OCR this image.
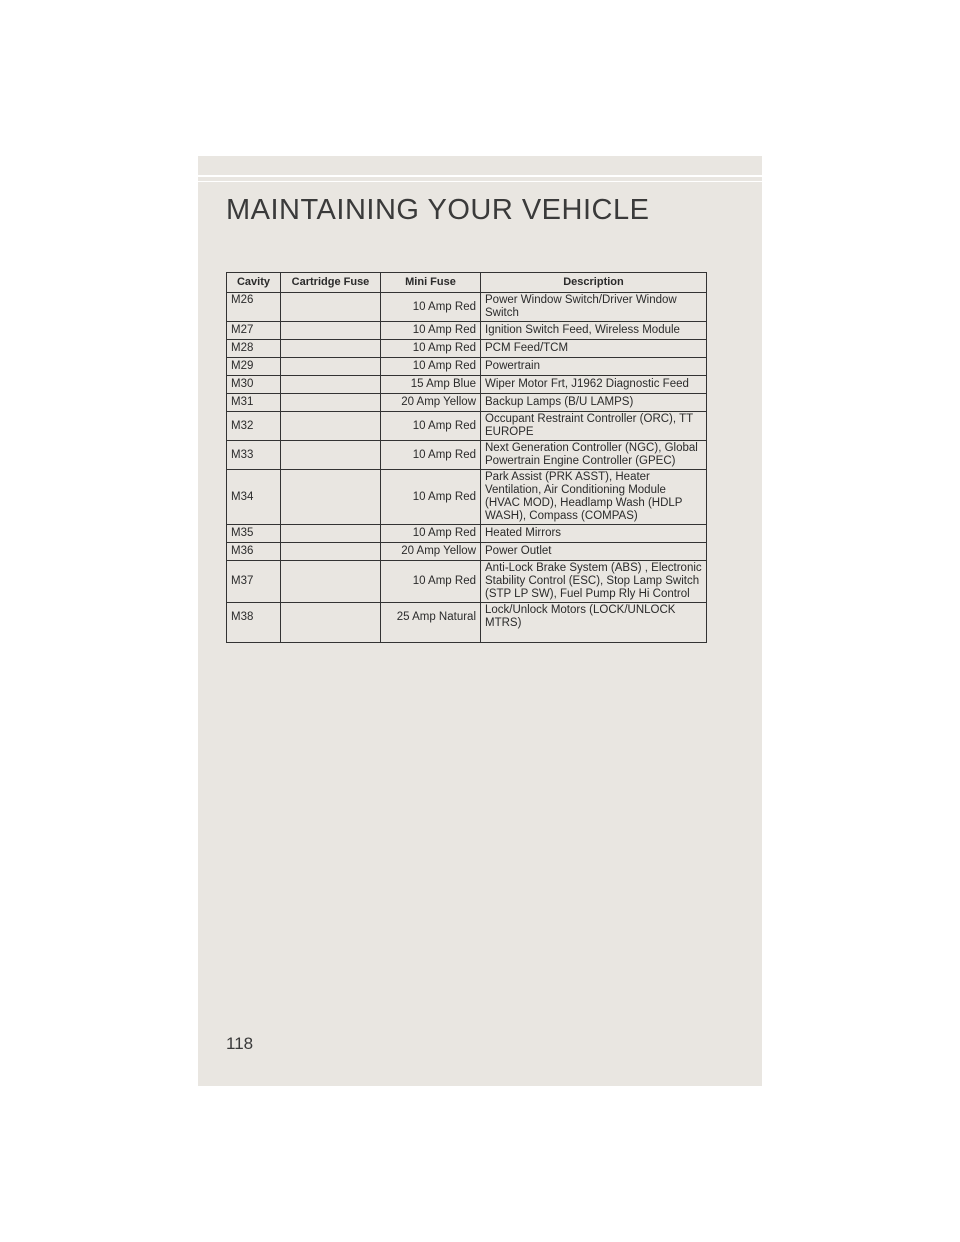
MAINTAINING YOUR VEHICLE
Cavity	Cartridge Fuse	Mini Fuse	Description
M26		10 Amp Red	Power Window Switch/Driver Window Switch
M27		10 Amp Red	Ignition Switch Feed, Wireless Module
M28		10 Amp Red	PCM Feed/TCM
M29		10 Amp Red	Powertrain
M30		15 Amp Blue	Wiper Motor Frt, J1962 Diagnostic Feed
M31		20 Amp Yellow	Backup Lamps (B/U LAMPS)
M32		10 Amp Red	Occupant Restraint Controller (ORC), TT EUROPE
M33		10 Amp Red	Next Generation Controller (NGC), Global Powertrain Engine Controller (GPEC)
M34		10 Amp Red	Park Assist (PRK ASST), Heater Ventilation, Air Conditioning Module (HVAC MOD), Headlamp Wash (HDLP WASH), Compass (COMPAS)
M35		10 Amp Red	Heated Mirrors
M36		20 Amp Yellow	Power Outlet
M37		10 Amp Red	Anti-Lock Brake System (ABS) , Electronic Stability Control (ESC), Stop Lamp Switch (STP LP SW), Fuel Pump Rly Hi Control
M38		25 Amp Natural	Lock/Unlock Motors (LOCK/UNLOCK MTRS)
118
